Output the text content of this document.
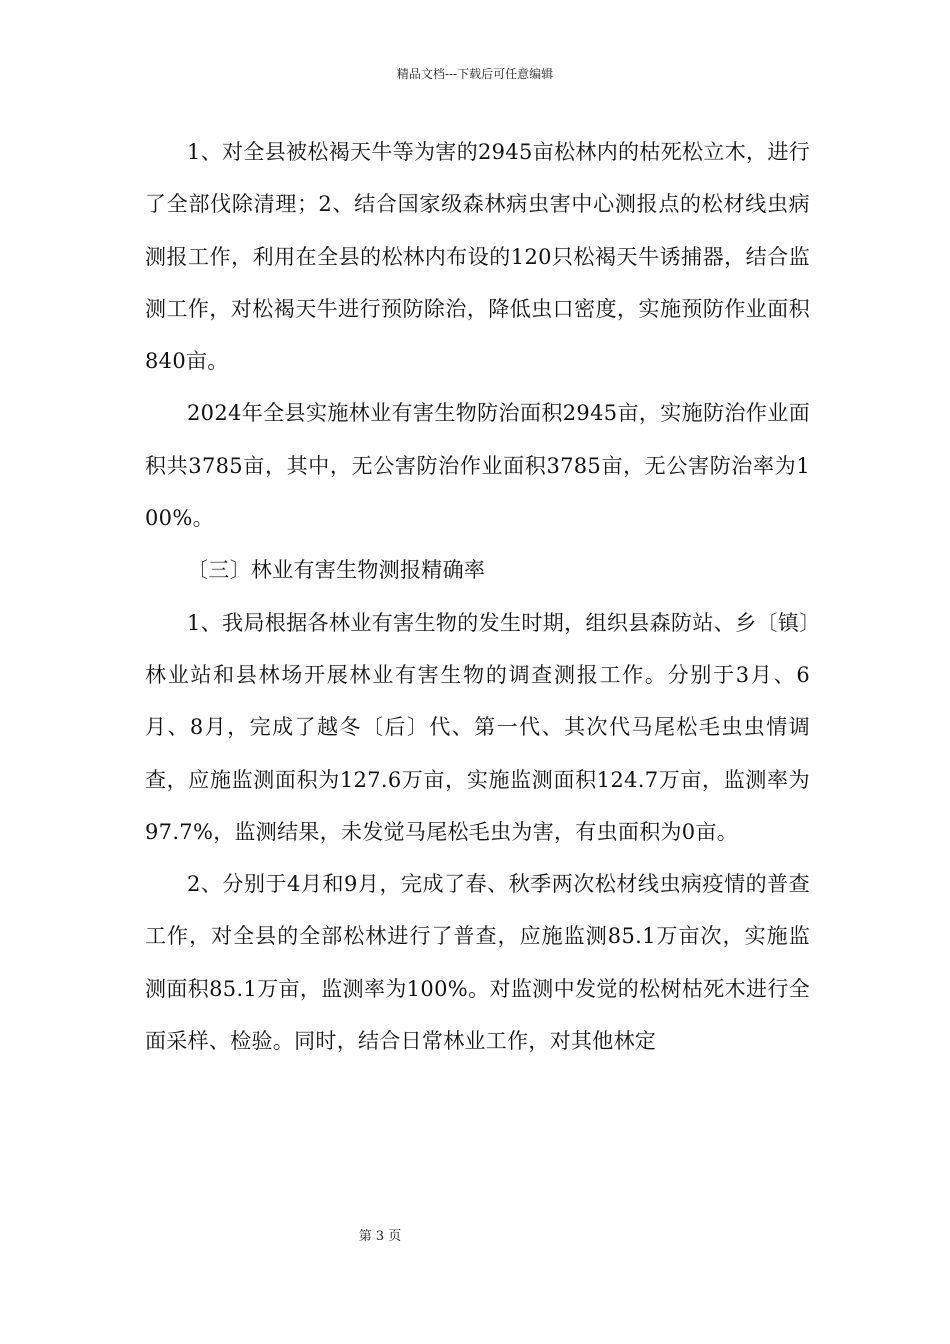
精品文档---下载后可任意编辑

1、对全县被松褐天牛等为害的2945亩松林内的枯死松立木，进行了全部伐除清理；2、结合国家级森林病虫害中心测报点的松材线虫病测报工作，利用在全县的松林内布设的120只松褐天牛诱捕器，结合监测工作，对松褐天牛进行预防除治，降低虫口密度，实施预防作业面积840亩。

2024年全县实施林业有害生物防治面积2945亩，实施防治作业面积共3785亩，其中，无公害防治作业面积3785亩，无公害防治率为100%。

〔三〕林业有害生物测报精确率

1、我局根据各林业有害生物的发生时期，组织县森防站、乡〔镇〕林业站和县林场开展林业有害生物的调查测报工作。分别于3月、6月、8月，完成了越冬〔后〕代、第一代、其次代马尾松毛虫虫情调查，应施监测面积为127.6万亩，实施监测面积124.7万亩，监测率为97.7%，监测结果，未发觉马尾松毛虫为害，有虫面积为0亩。

2、分别于4月和9月，完成了春、秋季两次松材线虫病疫情的普查工作，对全县的全部松林进行了普查，应施监测85.1万亩次，实施监测面积85.1万亩，监测率为100%。对监测中发觉的松树枯死木进行全面采样、检验。同时，结合日常林业工作，对其他林定

第 3 页
